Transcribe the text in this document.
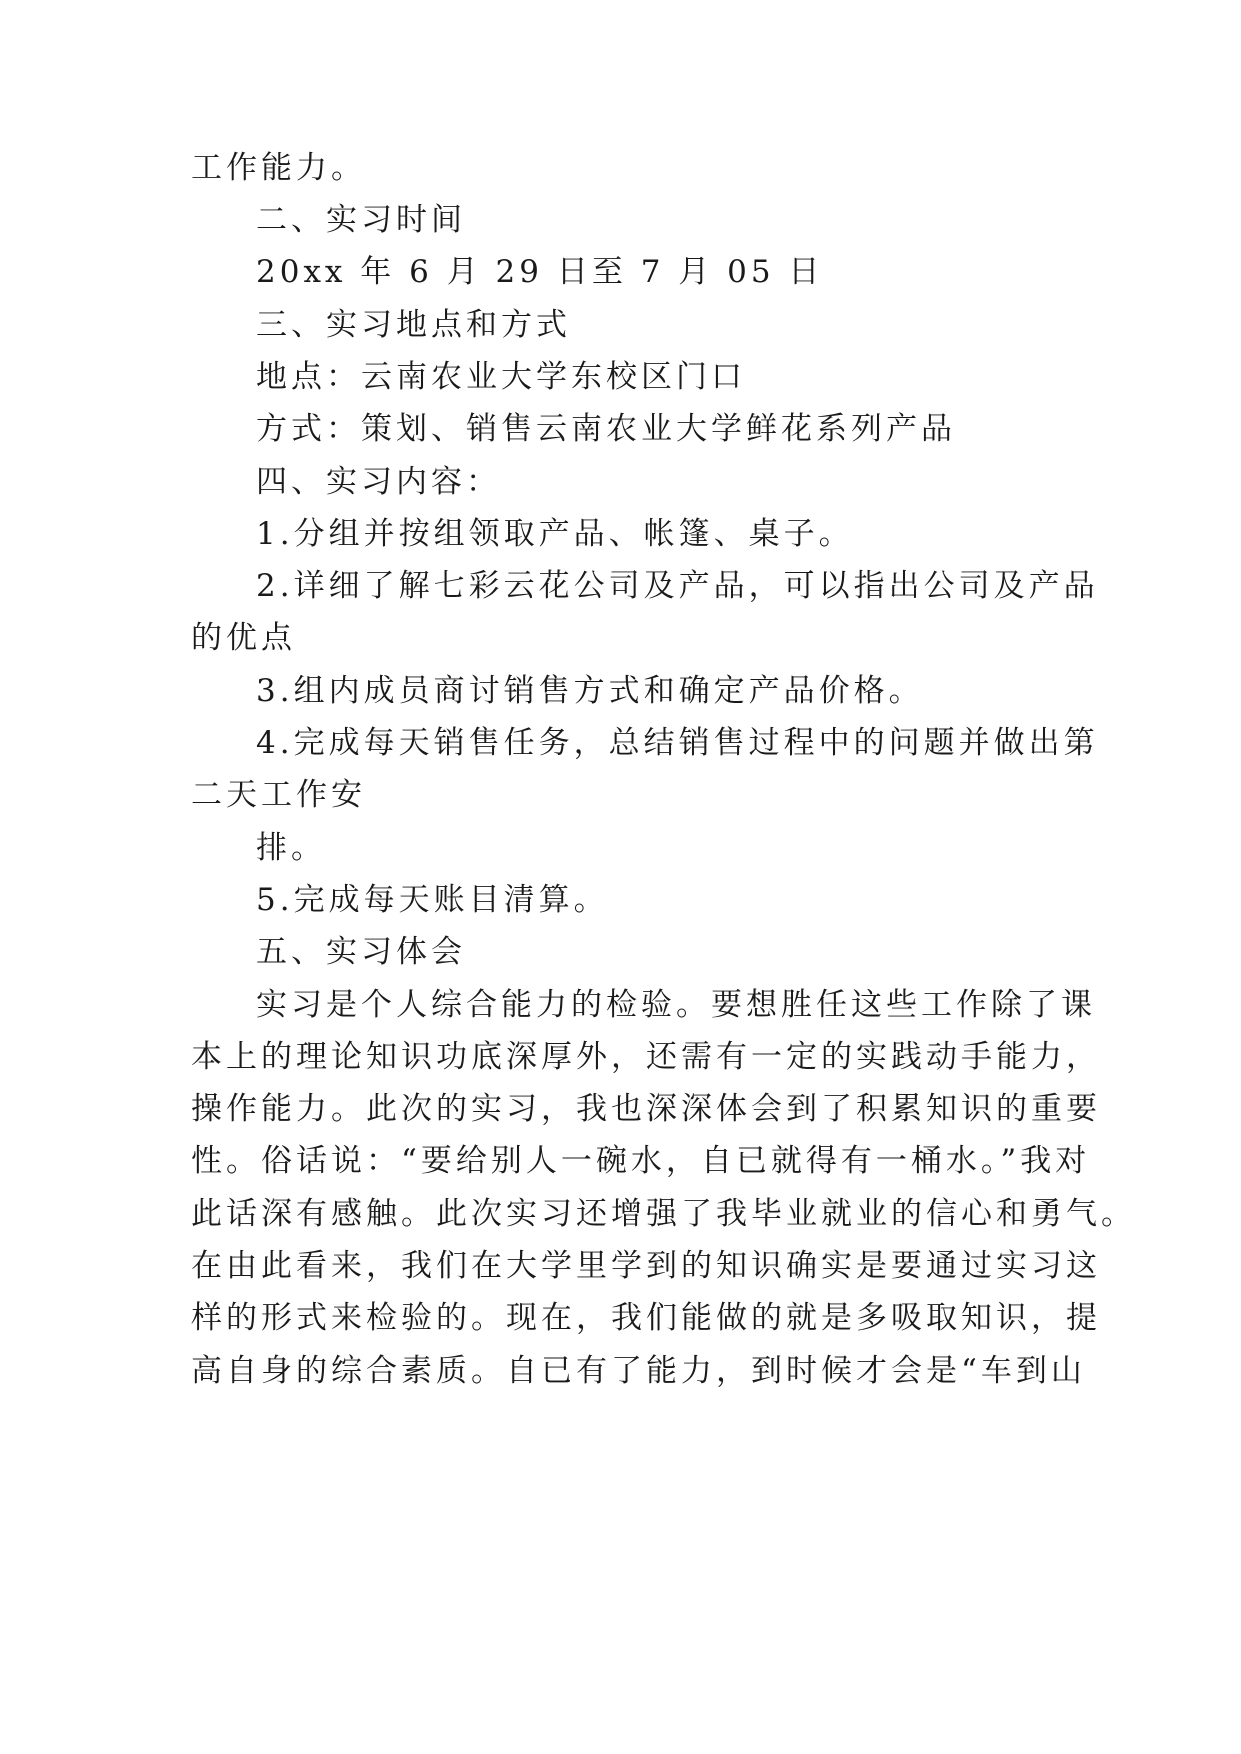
工作能力。
二、实习时间
20xx 年 6 月 29 日至 7 月 05 日
三、实习地点和方式
地点：云南农业大学东校区门口
方式：策划、销售云南农业大学鲜花系列产品
四、实习内容：
1.分组并按组领取产品、帐篷、桌子。
2.详细了解七彩云花公司及产品，可以指出公司及产品
的优点
3.组内成员商讨销售方式和确定产品价格。
4.完成每天销售任务，总结销售过程中的问题并做出第
二天工作安
排。
5.完成每天账目清算。
五、实习体会
实习是个人综合能力的检验。要想胜任这些工作除了课
本上的理论知识功底深厚外，还需有一定的实践动手能力，
操作能力。此次的实习，我也深深体会到了积累知识的重要
性。俗话说：“要给别人一碗水，自已就得有一桶水。”我对
此话深有感触。此次实习还增强了我毕业就业的信心和勇气。
在由此看来，我们在大学里学到的知识确实是要通过实习这
样的形式来检验的。现在，我们能做的就是多吸取知识，提
高自身的综合素质。自已有了能力，到时候才会是“车到山
